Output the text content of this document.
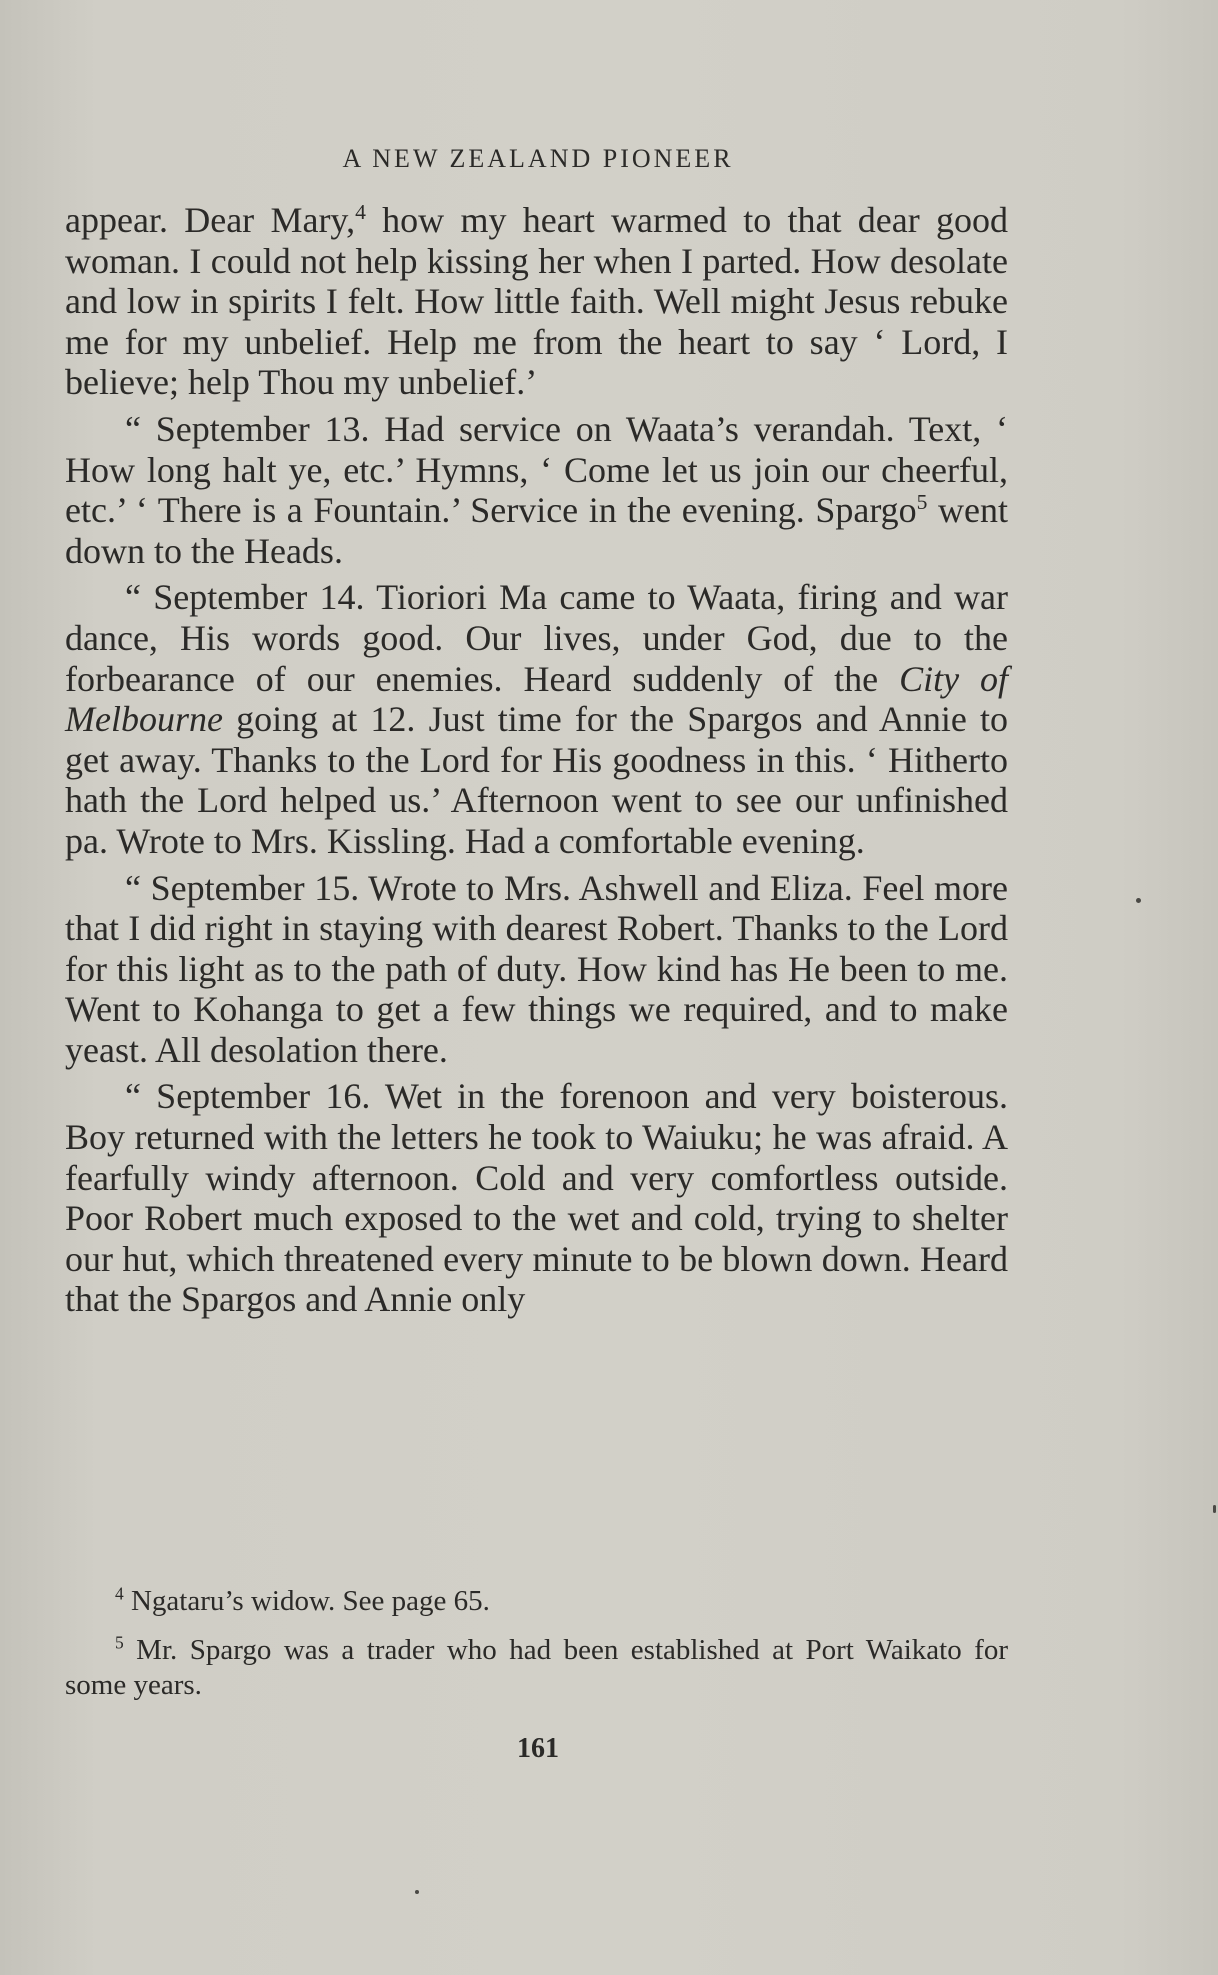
A NEW ZEALAND PIONEER

appear. Dear Mary,$^4$ how my heart warmed to that dear good woman. I could not help kissing her when I parted. How desolate and low in spirits I felt. How little faith. Well might Jesus rebuke me for my unbelief. Help me from the heart to say ‘ Lord, I believe; help Thou my unbelief.’

“ September 13. Had service on Waata’s verandah. Text, ‘ How long halt ye, etc.’ Hymns, ‘ Come let us join our cheerful, etc.’ ‘ There is a Fountain.’ Service in the evening. Spargo$^5$ went down to the Heads.

“ September 14. Tioriori Ma came to Waata, firing and war dance, His words good. Our lives, under God, due to the forbearance of our enemies. Heard suddenly of the City of Melbourne going at 12. Just time for the Spargos and Annie to get away. Thanks to the Lord for His goodness in this. ‘ Hitherto hath the Lord helped us.’ Afternoon went to see our unfinished pa. Wrote to Mrs. Kissling. Had a comfortable evening.

“ September 15. Wrote to Mrs. Ashwell and Eliza. Feel more that I did right in staying with dearest Robert. Thanks to the Lord for this light as to the path of duty. How kind has He been to me. Went to Kohanga to get a few things we required, and to make yeast. All desolation there.

“ September 16. Wet in the forenoon and very boisterous. Boy returned with the letters he took to Waiuku; he was afraid. A fearfully windy afternoon. Cold and very comfortless outside. Poor Robert much exposed to the wet and cold, trying to shelter our hut, which threatened every minute to be blown down. Heard that the Spargos and Annie only

$^4$ Ngataru’s widow. See page 65.

$^5$ Mr. Spargo was a trader who had been established at Port Waikato for some years.

161
